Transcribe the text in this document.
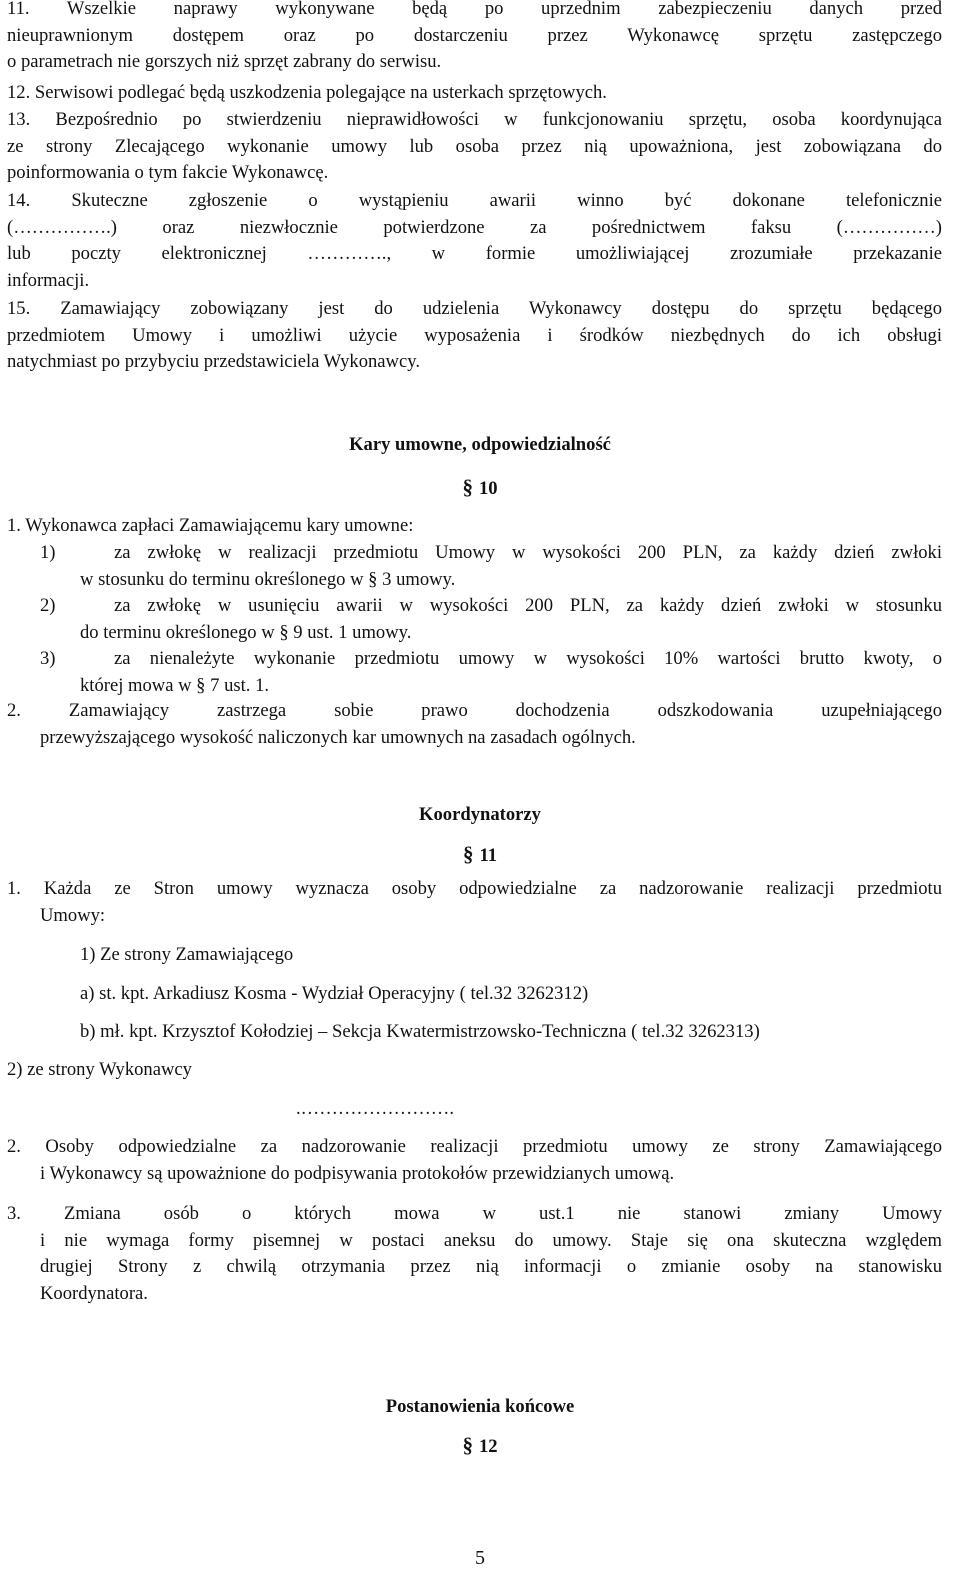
11. Wszelkie naprawy wykonywane będą po uprzednim zabezpieczeniu danych przed
nieuprawnionym dostępem oraz po dostarczeniu przez Wykonawcę sprzętu zastępczego
o parametrach nie gorszych niż sprzęt zabrany do serwisu.
12. Serwisowi podlegać będą uszkodzenia polegające na usterkach sprzętowych.
13. Bezpośrednio po stwierdzeniu nieprawidłowości w funkcjonowaniu sprzętu, osoba koordynująca
ze strony Zlecającego wykonanie umowy lub osoba przez nią upoważniona, jest zobowiązana do
poinformowania o tym fakcie Wykonawcę.
14. Skuteczne zgłoszenie o wystąpieniu awarii winno być dokonane telefonicznie
(…………….) oraz niezwłocznie potwierdzone za pośrednictwem faksu (……………)
lub poczty elektronicznej …………., w formie umożliwiającej zrozumiałe przekazanie
informacji.
15. Zamawiający zobowiązany jest do udzielenia Wykonawcy dostępu do sprzętu będącego
przedmiotem Umowy i umożliwi użycie wyposażenia i środków niezbędnych do ich obsługi
natychmiast po przybyciu przedstawiciela Wykonawcy.
Kary umowne, odpowiedzialność
§ 10
1. Wykonawca zapłaci Zamawiającemu kary umowne:
1)	za zwłokę w realizacji przedmiotu Umowy w wysokości 200 PLN, za każdy dzień zwłoki
w stosunku do terminu określonego w § 3 umowy.
2)	za zwłokę w usunięciu awarii w wysokości 200 PLN, za każdy dzień zwłoki w stosunku
do terminu określonego w § 9 ust. 1 umowy.
3)	za nienależyte wykonanie przedmiotu umowy w wysokości 10% wartości brutto kwoty, o
której mowa w § 7 ust. 1.
2. Zamawiający zastrzega sobie prawo dochodzenia odszkodowania uzupełniającego
przewyższającego wysokość naliczonych kar umownych na zasadach ogólnych.
Koordynatorzy
§ 11
1. Każda ze Stron umowy wyznacza osoby odpowiedzialne za nadzorowanie realizacji przedmiotu
Umowy:
1) Ze strony Zamawiającego
a) st. kpt. Arkadiusz Kosma - Wydział Operacyjny ( tel.32 3262312)
b) mł. kpt. Krzysztof Kołodziej – Sekcja Kwatermistrzowsko-Techniczna ( tel.32 3262313)
2) ze strony Wykonawcy
.…………………….
2. Osoby odpowiedzialne za nadzorowanie realizacji przedmiotu umowy ze strony Zamawiającego
i Wykonawcy są upoważnione do podpisywania protokołów przewidzianych umową.
3. Zmiana osób o których mowa w ust.1 nie stanowi zmiany Umowy
i nie wymaga formy pisemnej w postaci aneksu do umowy. Staje się ona skuteczna względem
drugiej Strony z chwilą otrzymania przez nią informacji o zmianie osoby na stanowisku
Koordynatora.
Postanowienia końcowe
§ 12
5
